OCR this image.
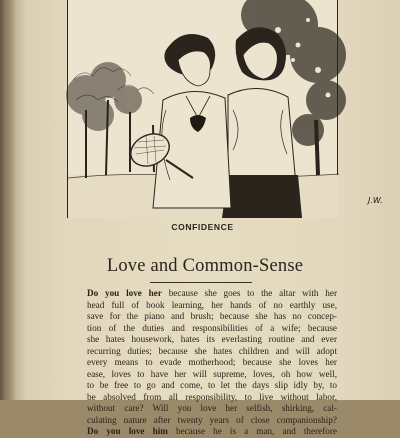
J.W.
CONFIDENCE
Love and Common-Sense
Do you love her because she goes to the altar with her
head full of book learning, her hands of no earthly use,
save for the piano and brush; because she has no concep-
tion of the duties and responsibilities of a wife; because
she hates housework, hates its everlasting routine and ever
recurring duties; because she hates children and will adopt
every means to evade motherhood; because she loves her
ease, loves to have her will supreme, loves, oh how well,
to be free to go and come, to let the days slip idly by, to
be absolved from all responsibility, to live without labor,
without care? Will you love her selfish, shirking, cal-
culating nature after twenty years of close companionship?
Do you love him because he is a man, and therefore
